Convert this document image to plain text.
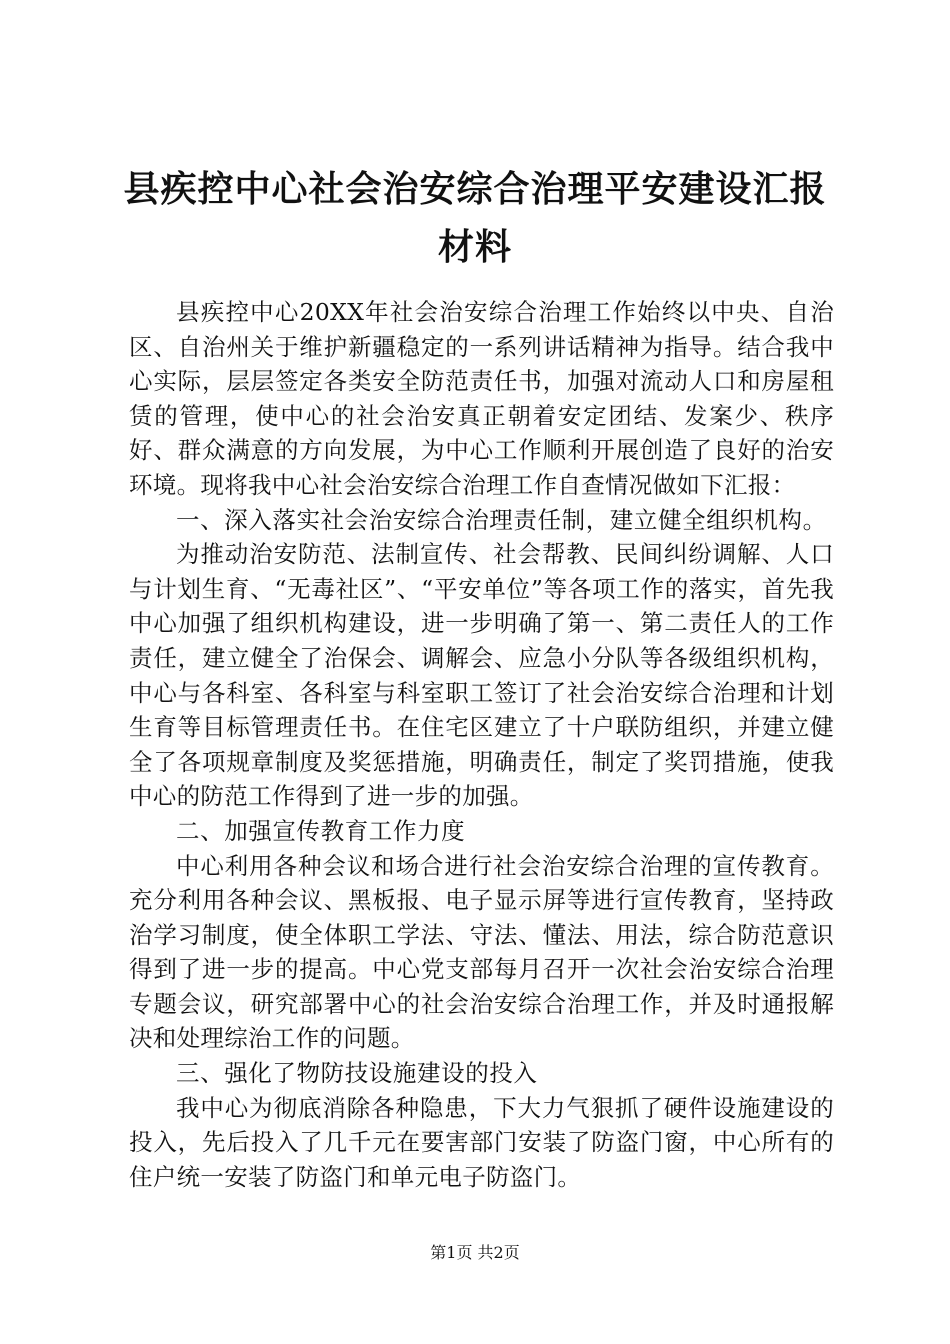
县疾控中心社会治安综合治理平安建设汇报材料

县疾控中心20XX年社会治安综合治理工作始终以中央、自治区、自治州关于维护新疆稳定的一系列讲话精神为指导。结合我中心实际，层层签定各类安全防范责任书，加强对流动人口和房屋租赁的管理，使中心的社会治安真正朝着安定团结、发案少、秩序好、群众满意的方向发展，为中心工作顺利开展创造了良好的治安环境。现将我中心社会治安综合治理工作自查情况做如下汇报：

一、深入落实社会治安综合治理责任制，建立健全组织机构。

为推动治安防范、法制宣传、社会帮教、民间纠纷调解、人口与计划生育、“无毒社区”、“平安单位”等各项工作的落实，首先我中心加强了组织机构建设，进一步明确了第一、第二责任人的工作责任，建立健全了治保会、调解会、应急小分队等各级组织机构，中心与各科室、各科室与科室职工签订了社会治安综合治理和计划生育等目标管理责任书。在住宅区建立了十户联防组织，并建立健全了各项规章制度及奖惩措施，明确责任，制定了奖罚措施，使我中心的防范工作得到了进一步的加强。

二、加强宣传教育工作力度

中心利用各种会议和场合进行社会治安综合治理的宣传教育。充分利用各种会议、黑板报、电子显示屏等进行宣传教育，坚持政治学习制度，使全体职工学法、守法、懂法、用法，综合防范意识得到了进一步的提高。中心党支部每月召开一次社会治安综合治理专题会议，研究部署中心的社会治安综合治理工作，并及时通报解决和处理综治工作的问题。

三、强化了物防技设施建设的投入

我中心为彻底消除各种隐患，下大力气狠抓了硬件设施建设的投入，先后投入了几千元在要害部门安装了防盗门窗，中心所有的住户统一安装了防盗门和单元电子防盗门。

第1页 共2页
